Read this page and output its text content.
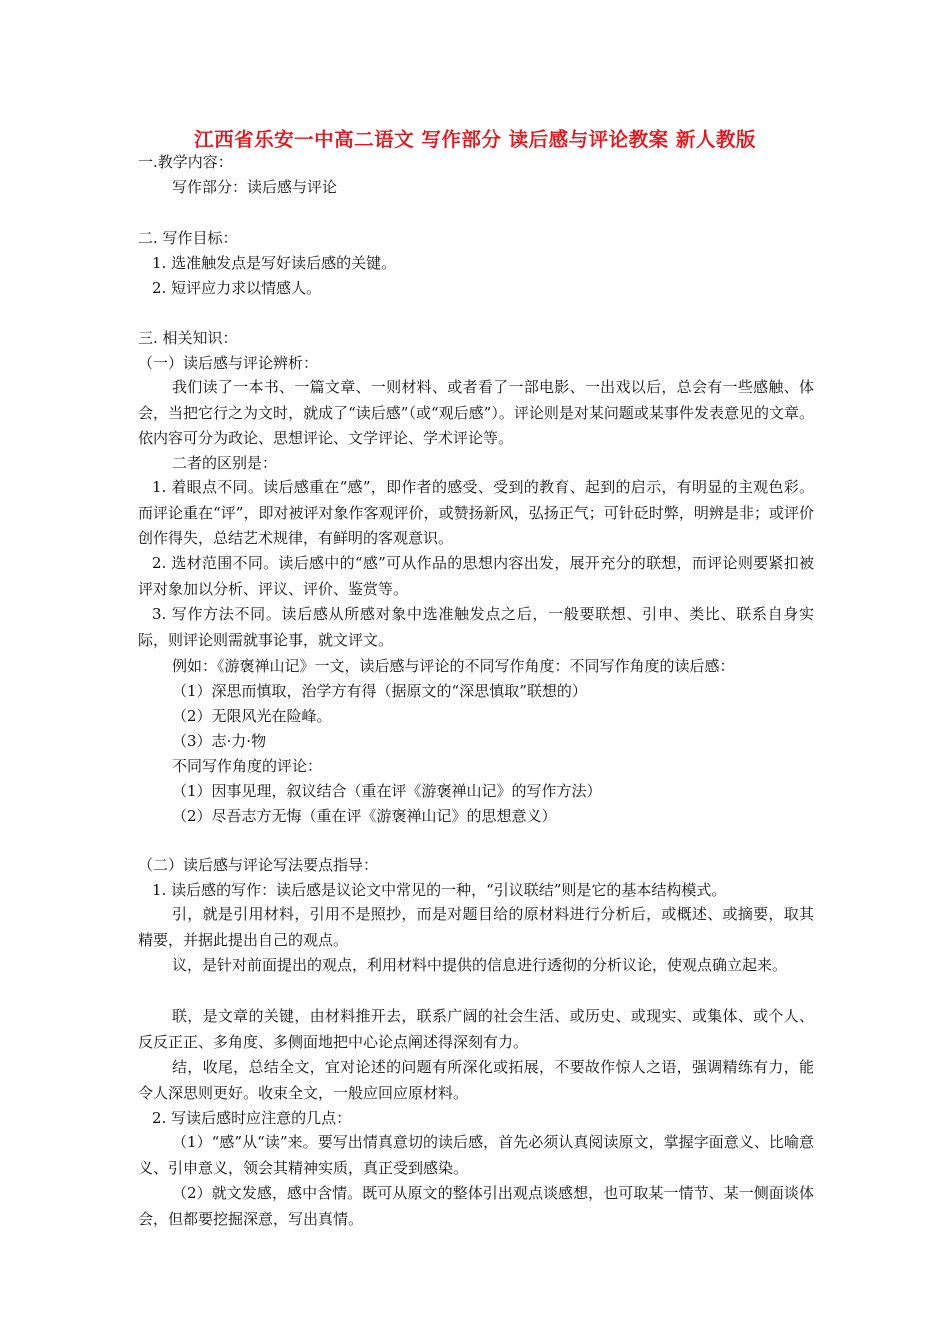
江西省乐安一中高二语文 写作部分 读后感与评论教案 新人教版
一.教学内容：
写作部分：读后感与评论
二. 写作目标：
1. 选准触发点是写好读后感的关键。
2. 短评应力求以情感人。
三. 相关知识：
（一）读后感与评论辨析：
我们读了一本书、一篇文章、一则材料、或者看了一部电影、一出戏以后，总会有一些感触、体会，当把它行之为文时，就成了“读后感”（或“观后感”）。评论则是对某问题或某事件发表意见的文章。依内容可分为政论、思想评论、文学评论、学术评论等。
二者的区别是：
1. 着眼点不同。读后感重在“感”，即作者的感受、受到的教育、起到的启示，有明显的主观色彩。而评论重在“评”，即对被评对象作客观评价，或赞扬新风，弘扬正气；可针砭时弊，明辨是非；或评价创作得失，总结艺术规律，有鲜明的客观意识。
2. 选材范围不同。读后感中的“感”可从作品的思想内容出发，展开充分的联想，而评论则要紧扣被评对象加以分析、评议、评价、鉴赏等。
3. 写作方法不同。读后感从所感对象中选准触发点之后，一般要联想、引申、类比、联系自身实际，则评论则需就事论事，就文评文。
例如：《游褒禅山记》一文，读后感与评论的不同写作角度：不同写作角度的读后感：
（1）深思而慎取，治学方有得（据原文的“深思慎取”联想的）
（2）无限风光在险峰。
（3）志·力·物
不同写作角度的评论：
（1）因事见理，叙议结合（重在评《游褒禅山记》的写作方法）
（2）尽吾志方无悔（重在评《游褒禅山记》的思想意义）
（二）读后感与评论写法要点指导：
1. 读后感的写作：读后感是议论文中常见的一种，“引议联结”则是它的基本结构模式。
引，就是引用材料，引用不是照抄，而是对题目给的原材料进行分析后，或概述、或摘要，取其精要，并据此提出自己的观点。
议，是针对前面提出的观点，利用材料中提供的信息进行透彻的分析议论，使观点确立起来。
联，是文章的关键，由材料推开去，联系广阔的社会生活、或历史、或现实、或集体、或个人、反反正正、多角度、多侧面地把中心论点阐述得深刻有力。
结，收尾，总结全文，宜对论述的问题有所深化或拓展，不要故作惊人之语，强调精练有力，能令人深思则更好。收束全文，一般应回应原材料。
2. 写读后感时应注意的几点：
（1）“感”从“读”来。要写出情真意切的读后感，首先必须认真阅读原文，掌握字面意义、比喻意义、引申意义，领会其精神实质，真正受到感染。
（2）就文发感，感中含情。既可从原文的整体引出观点谈感想，也可取某一情节、某一侧面谈体会，但都要挖掘深意，写出真情。
